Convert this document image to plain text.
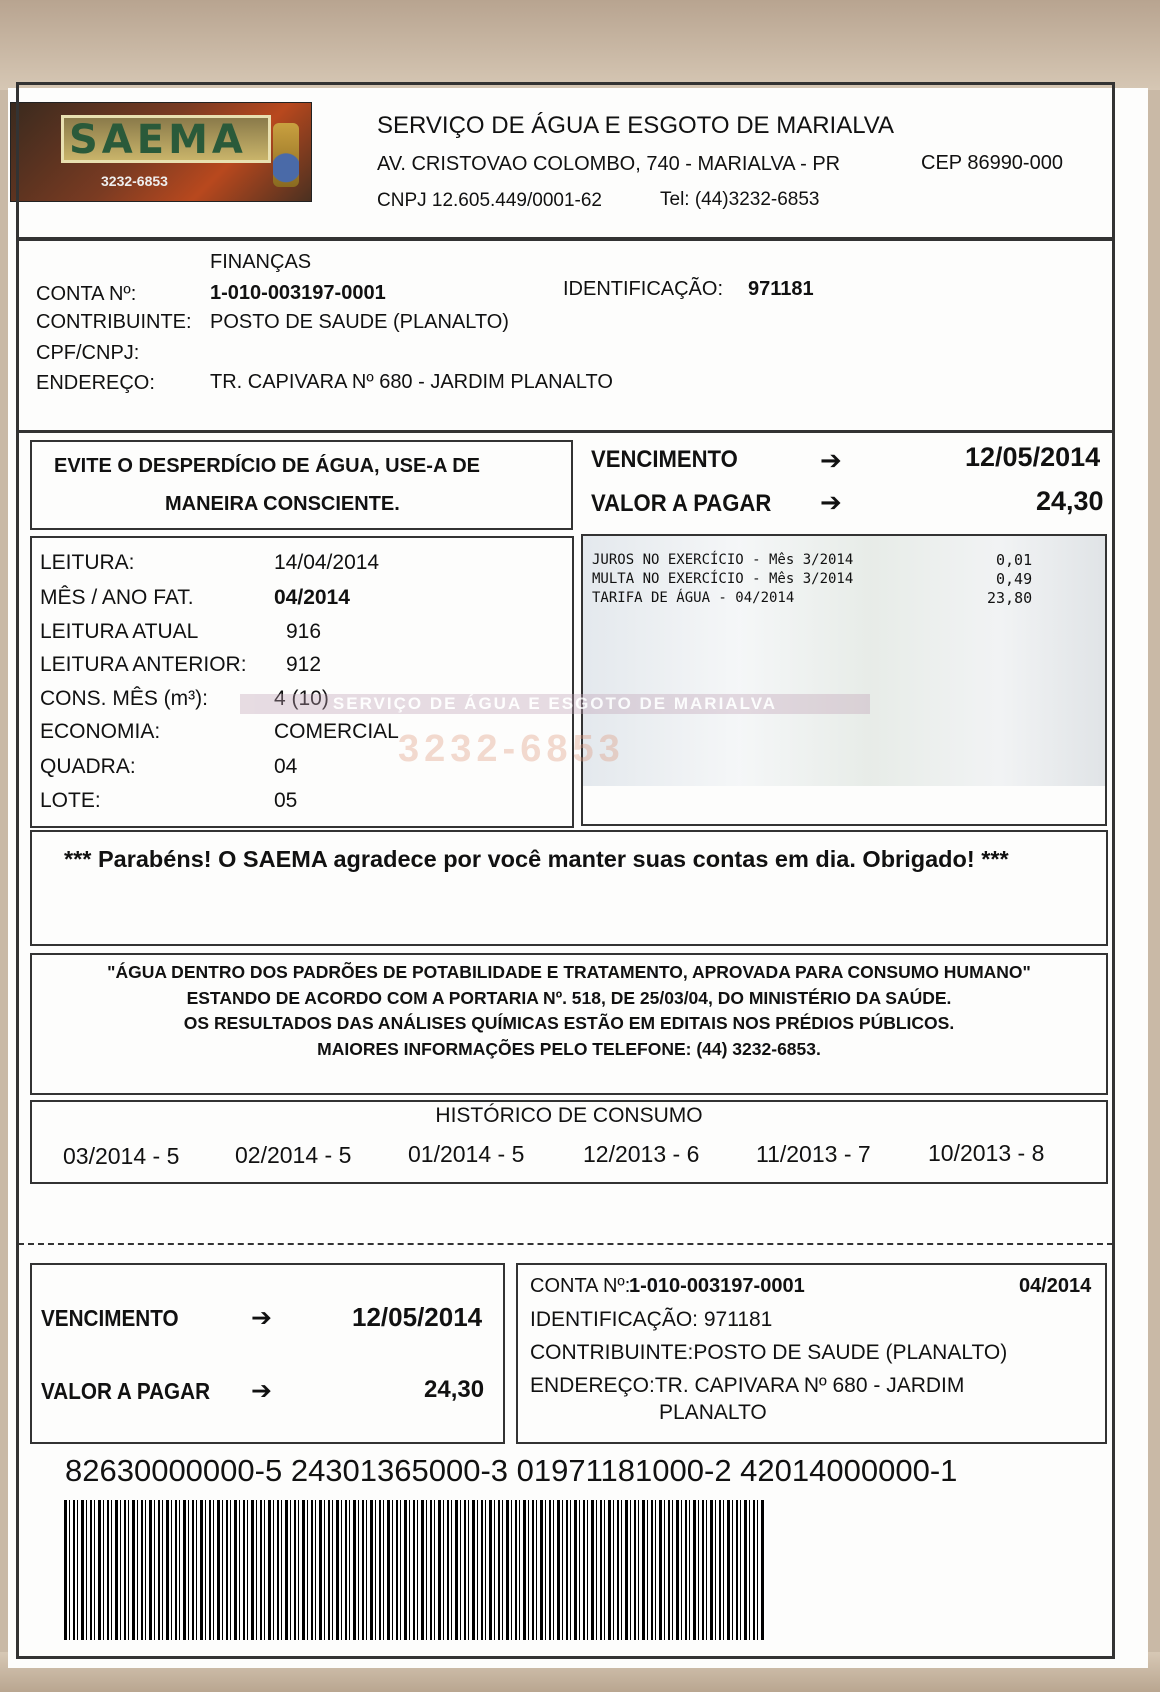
SAEMA
3232-6853
SERVIÇO DE ÁGUA E ESGOTO DE MARIALVA
AV. CRISTOVAO COLOMBO, 740 - MARIALVA - PR	CEP 86990-000
CNPJ 12.605.449/0001-62	Tel: (44)3232-6853
FINANÇAS
CONTA Nº:	1-010-003197-0001	IDENTIFICAÇÃO: 971181
CONTRIBUINTE: POSTO DE SAUDE (PLANALTO)
CPF/CNPJ:
ENDEREÇO:	TR. CAPIVARA Nº 680 - JARDIM PLANALTO
EVITE O DESPERDÍCIO DE ÁGUA, USE-A DE
MANEIRA CONSCIENTE.
VENCIMENTO	➔	12/05/2014
VALOR A PAGAR ➔	24,30
LEITURA:	14/04/2014
MÊS / ANO FAT.	04/2014
LEITURA ATUAL	916
LEITURA ANTERIOR: 912
CONS. MÊS (m³):	4 (10)
ECONOMIA:	COMERCIAL
QUADRA:	04
LOTE:	05
JUROS NO EXERCÍCIO - Mês 3/2014	0,01
MULTA NO EXERCÍCIO - Mês 3/2014	0,49
TARIFA DE ÁGUA - 04/2014	23,80
SERVIÇO DE ÁGUA E ESGOTO DE MARIALVA
3232-6853
*** Parabéns! O SAEMA agradece por você manter suas contas em dia. Obrigado! ***
"ÁGUA DENTRO DOS PADRÕES DE POTABILIDADE E TRATAMENTO, APROVADA PARA CONSUMO HUMANO"
ESTANDO DE ACORDO COM A PORTARIA Nº. 518, DE 25/03/04, DO MINISTÉRIO DA SAÚDE.
OS RESULTADOS DAS ANÁLISES QUÍMICAS ESTÃO EM EDITAIS NOS PRÉDIOS PÚBLICOS.
MAIORES INFORMAÇÕES PELO TELEFONE: (44) 3232-6853.
HISTÓRICO DE CONSUMO
03/2014 - 5 02/2014 - 5 01/2014 - 5	12/2013 - 6 11/2013 - 7 10/2013 - 8
VENCIMENTO	➔	12/05/2014
VALOR A PAGAR ➔	24,30
CONTA Nº:
1-010-003197-0001	04/2014
IDENTIFICAÇÃO: 971181
CONTRIBUINTE:POSTO DE SAUDE (PLANALTO)
ENDEREÇO:TR. CAPIVARA Nº 680 - JARDIM
PLANALTO
82630000000-5 24301365000-3 01971181000-2 42014000000-1
